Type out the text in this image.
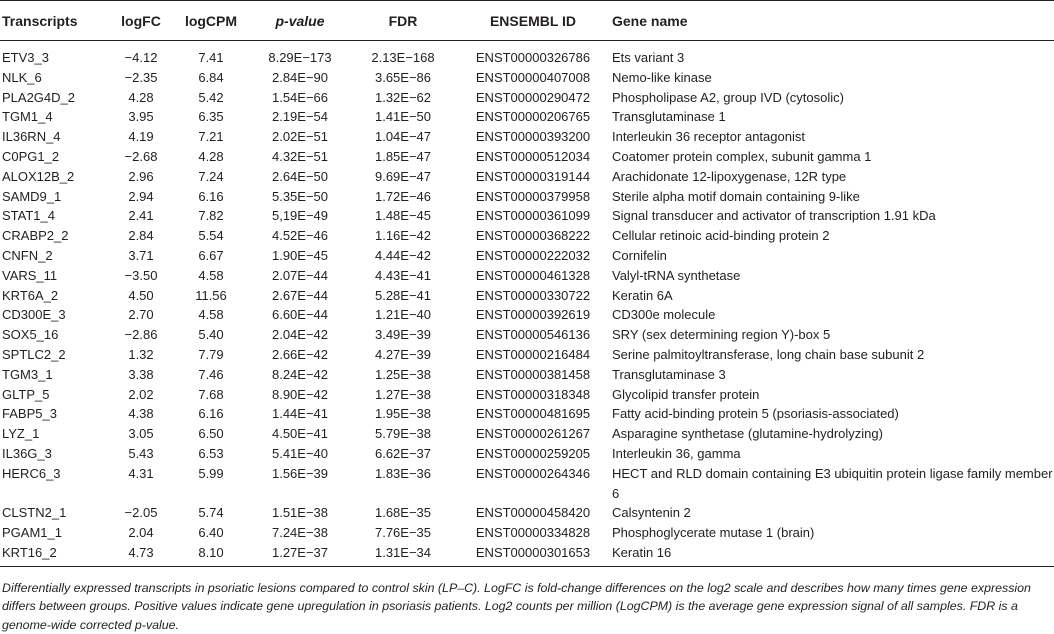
Transcripts	logFC	logCPM	p-value	FDR	ENSEMBL ID	Gene name
ETV3_3	−4.12	7.41	8.29E−173	2.13E−168	ENST00000326786	Ets variant 3
NLK_6	−2.35	6.84	2.84E−90	3.65E−86	ENST00000407008	Nemo-like kinase
PLA2G4D_2	4.28	5.42	1.54E−66	1.32E−62	ENST00000290472	Phospholipase A2, group IVD (cytosolic)
TGM1_4	3.95	6.35	2.19E−54	1.41E−50	ENST00000206765	Transglutaminase 1
IL36RN_4	4.19	7.21	2.02E−51	1.04E−47	ENST00000393200	Interleukin 36 receptor antagonist
C0PG1_2	−2.68	4.28	4.32E−51	1.85E−47	ENST00000512034	Coatomer protein complex, subunit gamma 1
ALOX12B_2	2.96	7.24	2.64E−50	9.69E−47	ENST00000319144	Arachidonate 12-lipoxygenase, 12R type
SAMD9_1	2.94	6.16	5.35E−50	1.72E−46	ENST00000379958	Sterile alpha motif domain containing 9-like
STAT1_4	2.41	7.82	5,19E−49	1.48E−45	ENST00000361099	Signal transducer and activator of transcription 1.91 kDa
CRABP2_2	2.84	5.54	4.52E−46	1.16E−42	ENST00000368222	Cellular retinoic acid-binding protein 2
CNFN_2	3.71	6.67	1.90E−45	4.44E−42	ENST00000222032	Cornifelin
VARS_11	−3.50	4.58	2.07E−44	4.43E−41	ENST00000461328	Valyl-tRNA synthetase
KRT6A_2	4.50	11.56	2.67E−44	5.28E−41	ENST00000330722	Keratin 6A
CD300E_3	2.70	4.58	6.60E−44	1.21E−40	ENST00000392619	CD300e molecule
SOX5_16	−2.86	5.40	2.04E−42	3.49E−39	ENST00000546136	SRY (sex determining region Y)-box 5
SPTLC2_2	1.32	7.79	2.66E−42	4.27E−39	ENST00000216484	Serine palmitoyltransferase, long chain base subunit 2
TGM3_1	3.38	7.46	8.24E−42	1.25E−38	ENST00000381458	Transglutaminase 3
GLTP_5	2.02	7.68	8.90E−42	1.27E−38	ENST00000318348	Glycolipid transfer protein
FABP5_3	4.38	6.16	1.44E−41	1.95E−38	ENST00000481695	Fatty acid-binding protein 5 (psoriasis-associated)
LYZ_1	3.05	6.50	4.50E−41	5.79E−38	ENST00000261267	Asparagine synthetase (glutamine-hydrolyzing)
IL36G_3	5.43	6.53	5.41E−40	6.62E−37	ENST00000259205	Interleukin 36, gamma
HERC6_3	4.31	5.99	1.56E−39	1.83E−36	ENST00000264346	HECT and RLD domain containing E3 ubiquitin protein ligase family member 6
CLSTN2_1	−2.05	5.74	1.51E−38	1.68E−35	ENST00000458420	Calsyntenin 2
PGAM1_1	2.04	6.40	7.24E−38	7.76E−35	ENST00000334828	Phosphoglycerate mutase 1 (brain)
KRT16_2	4.73	8.10	1.27E−37	1.31E−34	ENST00000301653	Keratin 16
Differentially expressed transcripts in psoriatic lesions compared to control skin (LP–C). LogFC is fold-change differences on the log2 scale and describes how many times gene expression differs between groups. Positive values indicate gene upregulation in psoriasis patients. Log2 counts per million (LogCPM) is the average gene expression signal of all samples. FDR is a genome-wide corrected p-value.
